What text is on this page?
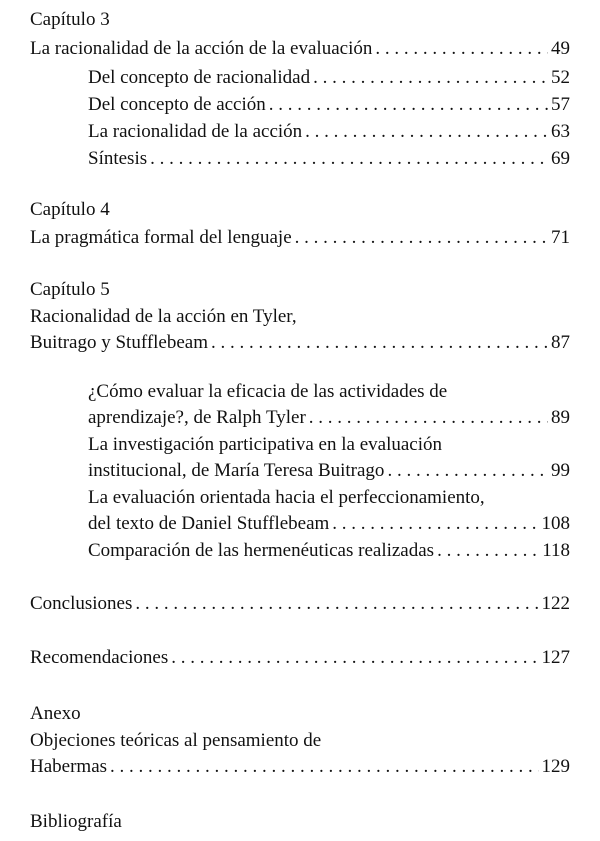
Capítulo 3
La racionalidad de la acción de la evaluación . . .	49
Del concepto de racionalidad . . .	52
Del concepto de acción . . .	57
La racionalidad de la acción . . .	63
Síntesis . . .	69
Capítulo 4
La pragmática formal del lenguaje . . .	71
Capítulo 5
Racionalidad de la acción en Tyler,
Buitrago y Stufflebeam . . .	87
¿Cómo evaluar la eficacia de las actividades de
aprendizaje?, de Ralph Tyler . . .	89
La investigación participativa en la evaluación
institucional, de María Teresa Buitrago . . .	99
La evaluación orientada hacia el perfeccionamiento,
del texto de Daniel Stufflebeam . . .	108
Comparación de las hermenéuticas realizadas . . .	118
Conclusiones . . .	122
Recomendaciones . . .	127
Anexo
Objeciones teóricas al pensamiento de
Habermas . . .	129
Bibliografía
